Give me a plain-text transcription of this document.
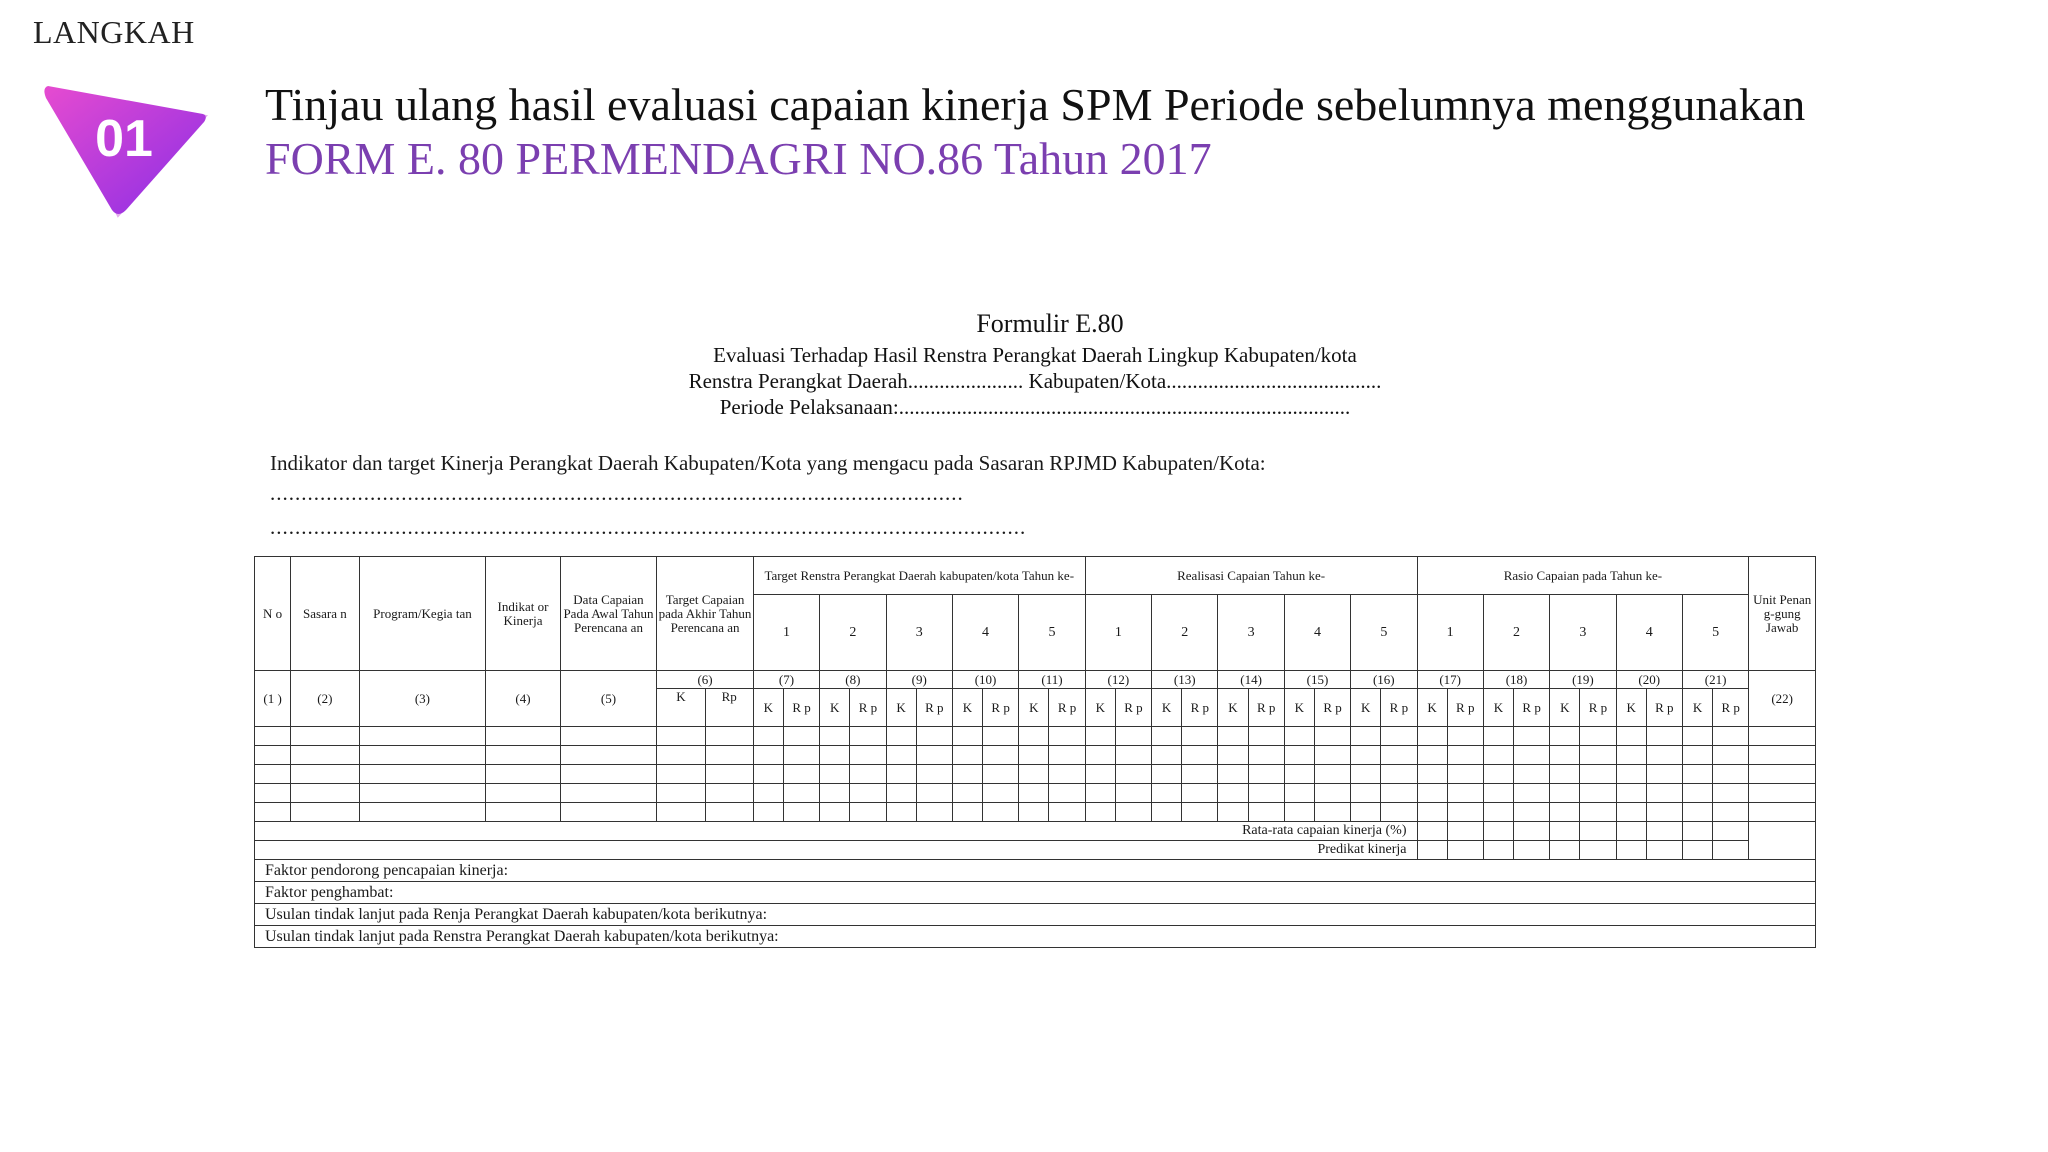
LANGKAH
01
Tinjau ulang hasil evaluasi capaian kinerja SPM Periode sebelumnya menggunakan
FORM E. 80 PERMENDAGRI NO.86 Tahun 2017
Formulir E.80
Evaluasi Terhadap Hasil Renstra Perangkat Daerah Lingkup Kabupaten/kota
Renstra Perangkat Daerah...................... Kabupaten/Kota.........................................
Periode Pelaksanaan:......................................................................................
Indikator dan target Kinerja Perangkat Daerah Kabupaten/Kota yang mengacu pada Sasaran RPJMD Kabupaten/Kota:
...............................................................................................................
.........................................................................................................................
N o	Sasara n	Program/Kegia tan	Indikat or Kinerja	Data Capaian Pada Awal Tahun Perencana an	Target Capaian pada Akhir Tahun Perencana an		Target Renstra Perangkat Daerah kabupaten/kota Tahun ke-										Realisasi Capaian Tahun ke-										Rasio Capaian pada Tahun ke-										Unit Penan g-gung Jawab
							1		2		3		4		5		1		2		3		4		5		1		2		3		4		5		
(1 )	(2)	(3)	(4)	(5)	(6)		(7)		(8)		(9)		(10)		(11)		(12)		(13)		(14)		(15)		(16)		(17)		(18)		(19)		(20)		(21)		(22)
					K	Rp	K	R p	K	R p	K	R p	K	R p	K	R p	K	R p	K	R p	K	R p	K	R p	K	R p	K	R p	K	R p	K	R p	K	R p	K	R p	

Rata-rata capaian kinerja (%)																																					
Predikat kinerja																																					
Faktor pendorong pencapaian kinerja:																																					
Faktor penghambat:																																					
Usulan tindak lanjut pada Renja Perangkat Daerah kabupaten/kota berikutnya:																																					
Usulan tindak lanjut pada Renstra Perangkat Daerah kabupaten/kota berikutnya:																																					
